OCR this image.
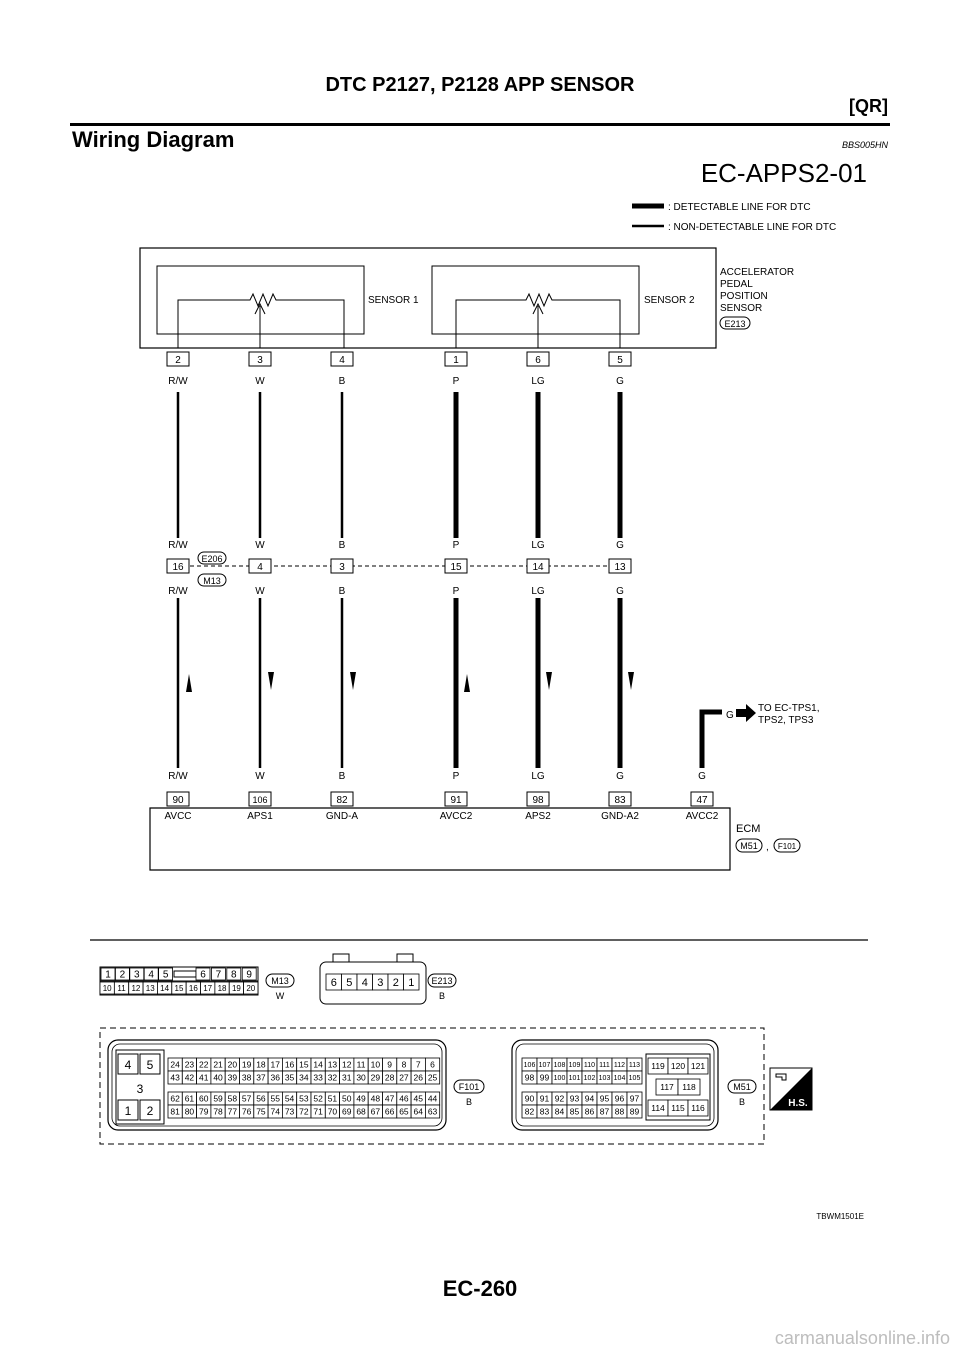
DTC P2127, P2128 APP SENSOR
[QR]
Wiring Diagram	BBS005HN
EC-APPS2-01
: DETECTABLE LINE FOR DTC
: NON-DETECTABLE LINE FOR DTC
SENSOR 1	SENSOR 2
ACCELERATOR
PEDAL
POSITION
SENSOR
E213
E206
M13
2
R/W
R/W
16
R/W
R/W
90
AVCC
3
W
W
4
W
W
106
APS1
4
B
B
3
B
B
82
GND-A
1
P
P
15
P
P
91
AVCC2
6
LG
LG
14
LG
LG
98
APS2
5
G
G
13
G
G
83
GND-A2
G
TO EC-TPS1,
TPS2, TPS3
G
47
AVCC2
ECM
M51 , F101
1 2 3 4 5	6 7 8 9
10 11 12 13 14 15 16 17 18 19 20
M13
W
6 5 4 3 2 1 E213
B
4 5
3
1 2
24 23 22 21 20 19 18 17 16 15 14 13 12 11 10 9 8 7 6
43 42 41 40 39 38 37 36 35 34 33 32 31 30 29 28 27 26 25
62 61 60 59 58 57 56 55 54 53 52 51 50 49 48 47 46 45 44
81 80 79 78 77 76 75 74 73 72 71 70 69 68 67 66 65 64 63
F101
B
106 107 108 109 110 111 112 113
98 99 100 101 102 103 104 105
90 91 92 93 94 95 96 97
82 83 84 85 86 87 88 89
119 120 121
117 118
114 115 116
M51
B	H.S.
TBWM1501E
EC-260
carmanualsonline.info
